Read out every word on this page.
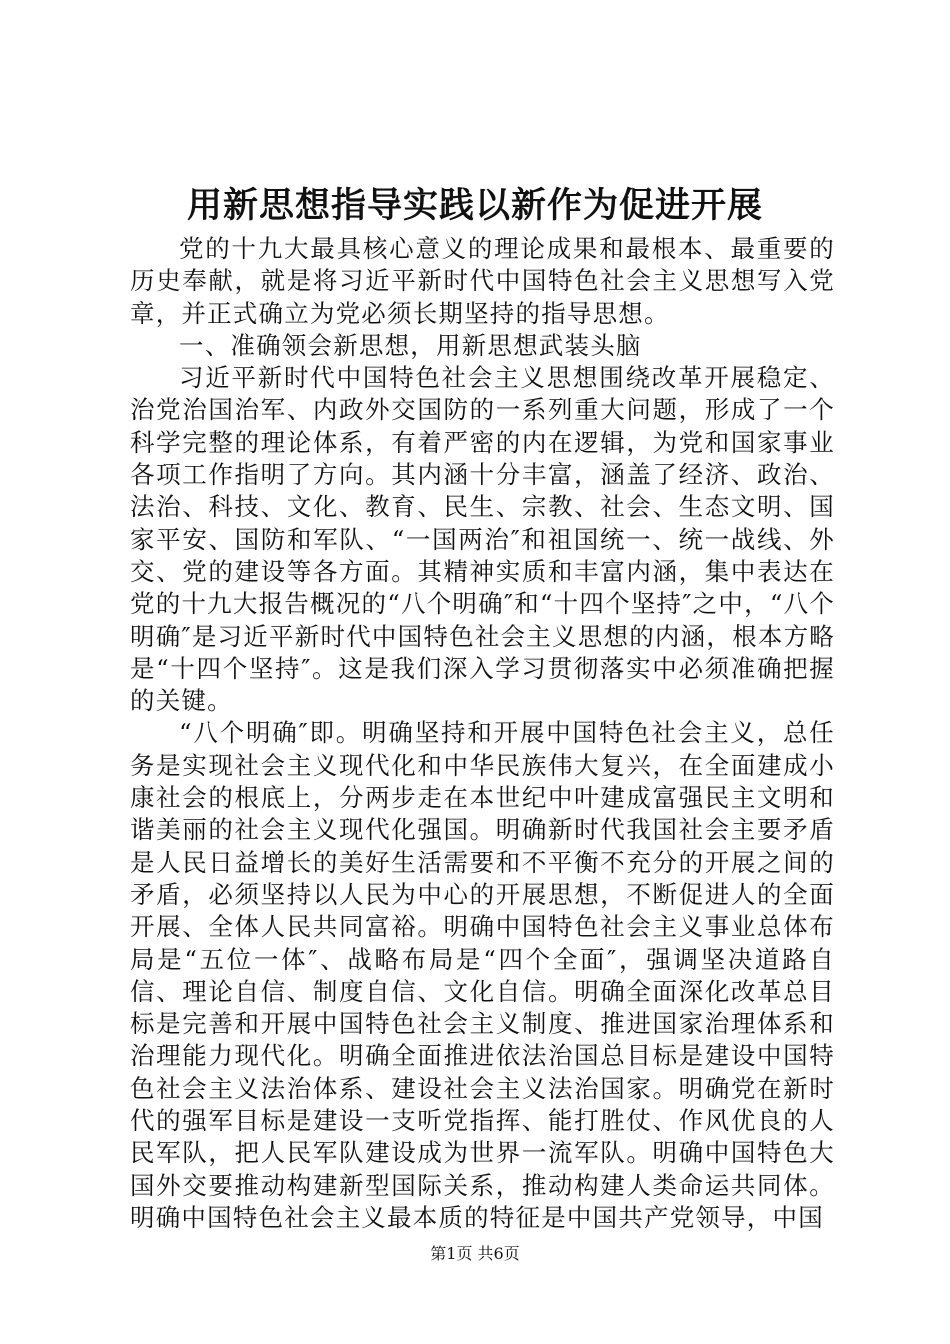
用新思想指导实践以新作为促进开展

党的十九大最具核心意义的理论成果和最根本、最重要的历史奉献，就是将习近平新时代中国特色社会主义思想写入党章，并正式确立为党必须长期坚持的指导思想。

一、准确领会新思想，用新思想武装头脑

习近平新时代中国特色社会主义思想围绕改革开展稳定、治党治国治军、内政外交国防的一系列重大问题，形成了一个科学完整的理论体系，有着严密的内在逻辑，为党和国家事业各项工作指明了方向。其内涵十分丰富，涵盖了经济、政治、法治、科技、文化、教育、民生、宗教、社会、生态文明、国家平安、国防和军队、“一国两治″和祖国统一、统一战线、外交、党的建设等各方面。其精神实质和丰富内涵，集中表达在党的十九大报告概况的“八个明确″和“十四个坚持″之中，“八个明确″是习近平新时代中国特色社会主义思想的内涵，根本方略是“十四个坚持″。这是我们深入学习贯彻落实中必须准确把握的关键。

“八个明确″即。明确坚持和开展中国特色社会主义，总任务是实现社会主义现代化和中华民族伟大复兴，在全面建成小康社会的根底上，分两步走在本世纪中叶建成富强民主文明和谐美丽的社会主义现代化强国。明确新时代我国社会主要矛盾是人民日益增长的美好生活需要和不平衡不充分的开展之间的矛盾，必须坚持以人民为中心的开展思想，不断促进人的全面开展、全体人民共同富裕。明确中国特色社会主义事业总体布局是“五位一体″、战略布局是“四个全面″，强调坚决道路自信、理论自信、制度自信、文化自信。明确全面深化改革总目标是完善和开展中国特色社会主义制度、推进国家治理体系和治理能力现代化。明确全面推进依法治国总目标是建设中国特色社会主义法治体系、建设社会主义法治国家。明确党在新时代的强军目标是建设一支听党指挥、能打胜仗、作风优良的人民军队，把人民军队建设成为世界一流军队。明确中国特色大国外交要推动构建新型国际关系，推动构建人类命运共同体。明确中国特色社会主义最本质的特征是中国共产党领导，中国

第1页 共6页
